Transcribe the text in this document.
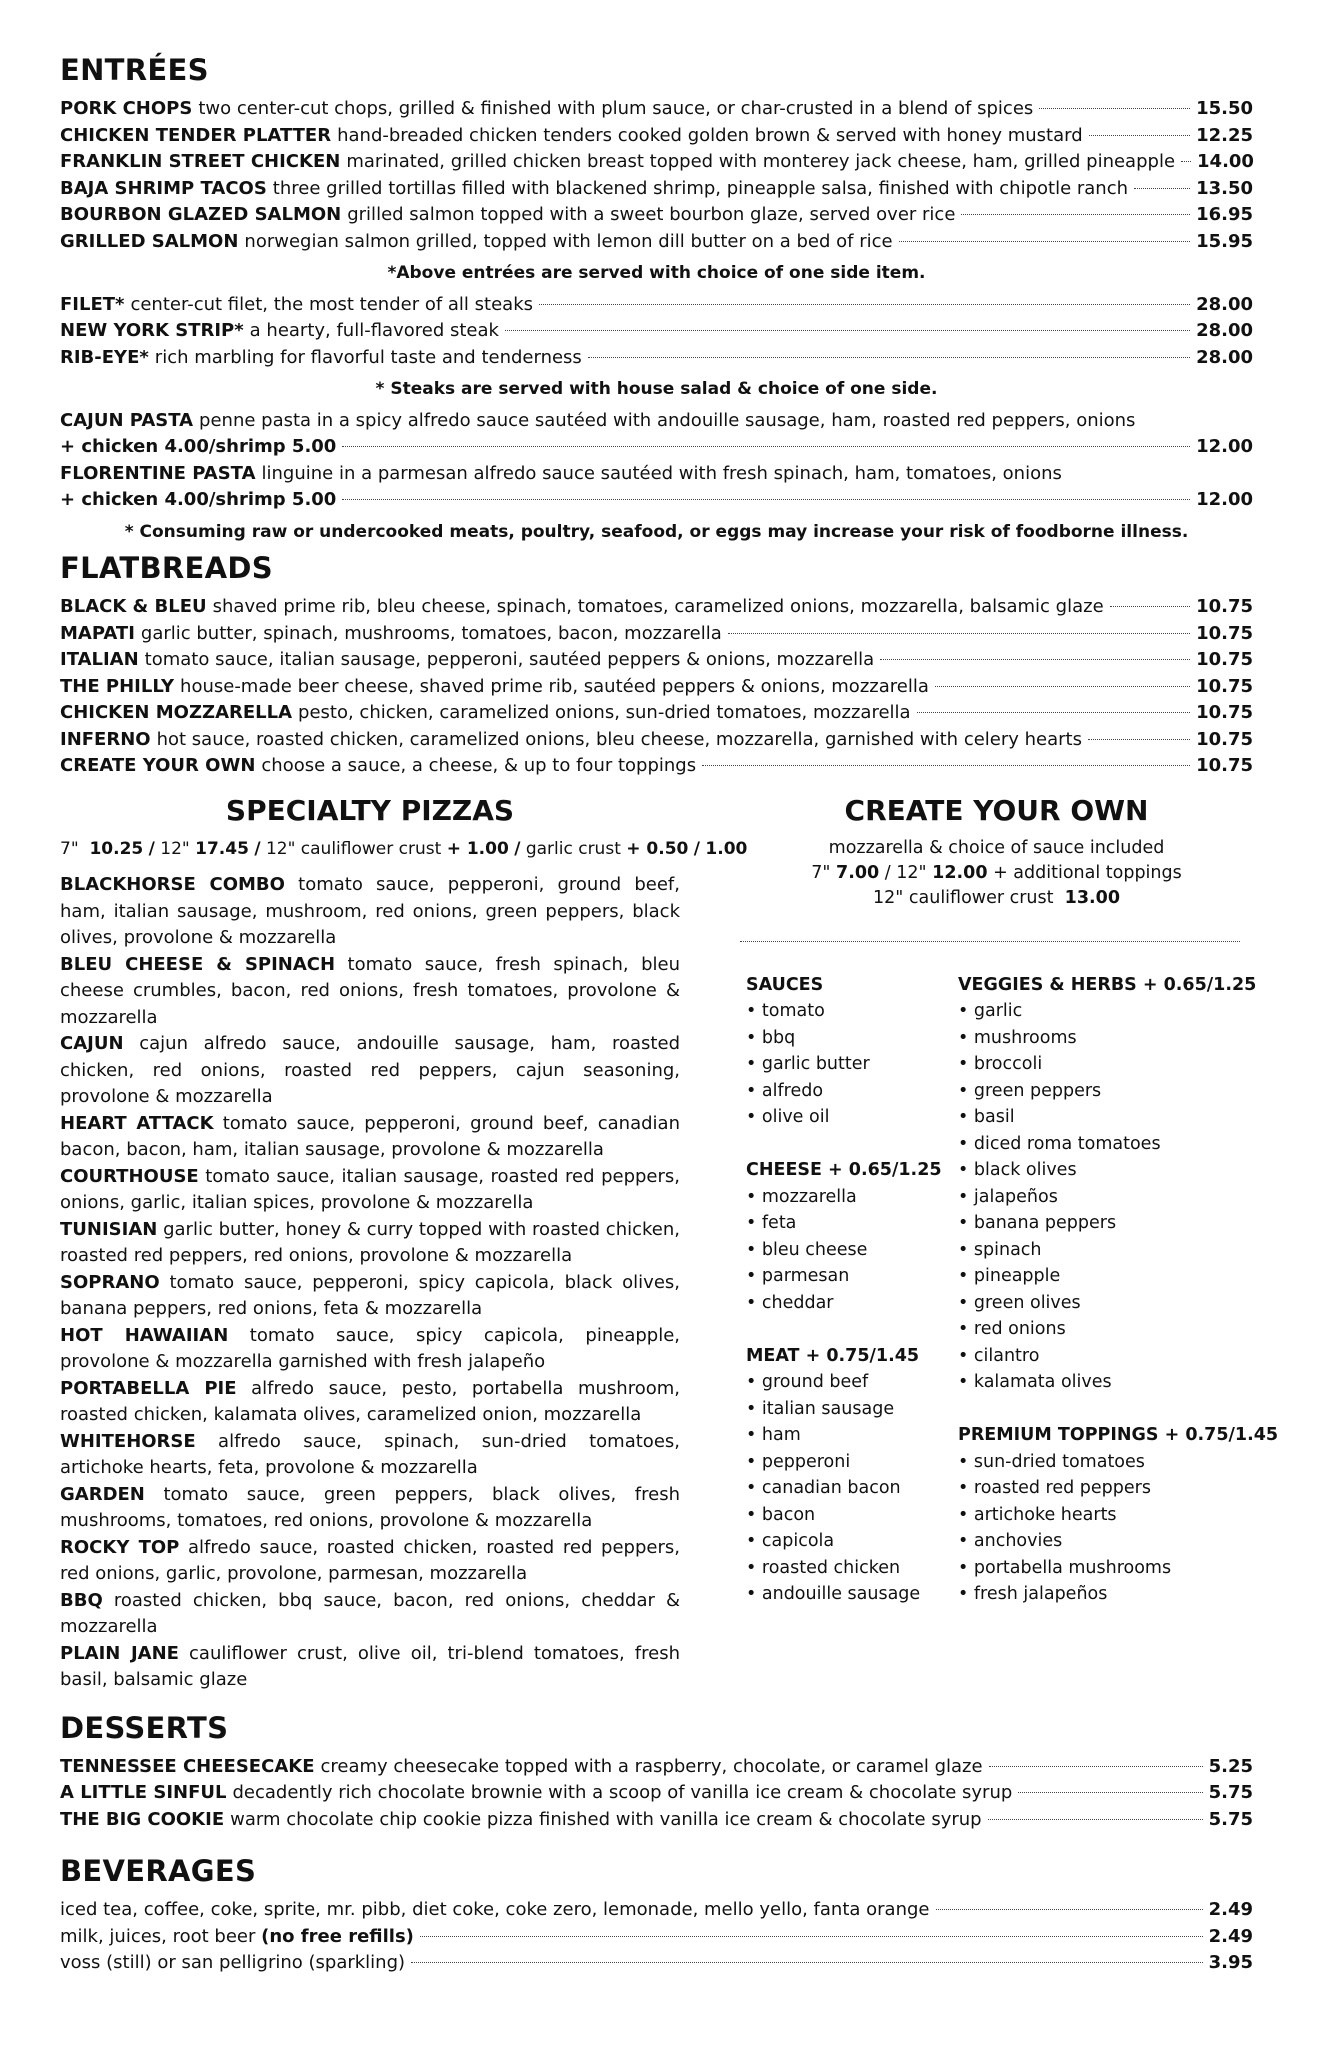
ENTRÉES
PORK CHOPS two center-cut chops, grilled & finished with plum sauce, or char-crusted in a blend of spices	15.50
CHICKEN TENDER PLATTER hand-breaded chicken tenders cooked golden brown & served with honey mustard	12.25
FRANKLIN STREET CHICKEN marinated, grilled chicken breast topped with monterey jack cheese, ham, grilled pineapple 14.00
BAJA SHRIMP TACOS three grilled tortillas filled with blackened shrimp, pineapple salsa, finished with chipotle ranch	13.50
BOURBON GLAZED SALMON grilled salmon topped with a sweet bourbon glaze, served over rice	16.95
GRILLED SALMON norwegian salmon grilled, topped with lemon dill butter on a bed of rice	15.95
*Above entrées are served with choice of one side item.
FILET* center-cut filet, the most tender of all steaks	28.00
NEW YORK STRIP* a hearty, full-flavored steak	28.00
RIB-EYE* rich marbling for flavorful taste and tenderness	28.00
* Steaks are served with house salad & choice of one side.
CAJUN PASTA penne pasta in a spicy alfredo sauce sautéed with andouille sausage, ham, roasted red peppers, onions
+ chicken 4.00/shrimp 5.00	12.00
FLORENTINE PASTA linguine in a parmesan alfredo sauce sautéed with fresh spinach, ham, tomatoes, onions
+ chicken 4.00/shrimp 5.00	12.00
* Consuming raw or undercooked meats, poultry, seafood, or eggs may increase your risk of foodborne illness.
FLATBREADS
BLACK & BLEU shaved prime rib, bleu cheese, spinach, tomatoes, caramelized onions, mozzarella, balsamic glaze	10.75
MAPATI garlic butter, spinach, mushrooms, tomatoes, bacon, mozzarella	10.75
ITALIAN tomato sauce, italian sausage, pepperoni, sautéed peppers & onions, mozzarella	10.75
THE PHILLY house-made beer cheese, shaved prime rib, sautéed peppers & onions, mozzarella	10.75
CHICKEN MOZZARELLA pesto, chicken, caramelized onions, sun-dried tomatoes, mozzarella	10.75
INFERNO hot sauce, roasted chicken, caramelized onions, bleu cheese, mozzarella, garnished with celery hearts	10.75
CREATE YOUR OWN choose a sauce, a cheese, & up to four toppings	10.75
SPECIALTY PIZZAS
7" 10.25 / 12" 17.45 / 12" cauliflower crust + 1.00 / garlic crust + 0.50 / 1.00
BLACKHORSE COMBO tomato sauce, pepperoni, ground beef, ham, italian sausage, mushroom, red onions, green peppers, black olives, provolone & mozzarella
BLEU CHEESE & SPINACH tomato sauce, fresh spinach, bleu cheese crumbles, bacon, red onions, fresh tomatoes, provolone & mozzarella
CAJUN cajun alfredo sauce, andouille sausage, ham, roasted chicken, red onions, roasted red peppers, cajun seasoning, provolone & mozzarella
HEART ATTACK tomato sauce, pepperoni, ground beef, canadian bacon, bacon, ham, italian sausage, provolone & mozzarella
COURTHOUSE tomato sauce, italian sausage, roasted red peppers, onions, garlic, italian spices, provolone & mozzarella
TUNISIAN garlic butter, honey & curry topped with roasted chicken, roasted red peppers, red onions, provolone & mozzarella
SOPRANO tomato sauce, pepperoni, spicy capicola, black olives, banana peppers, red onions, feta & mozzarella
HOT HAWAIIAN tomato sauce, spicy capicola, pineapple, provolone & mozzarella garnished with fresh jalapeño
PORTABELLA PIE alfredo sauce, pesto, portabella mushroom, roasted chicken, kalamata olives, caramelized onion, mozzarella
WHITEHORSE alfredo sauce, spinach, sun-dried tomatoes, artichoke hearts, feta, provolone & mozzarella
GARDEN tomato sauce, green peppers, black olives, fresh mushrooms, tomatoes, red onions, provolone & mozzarella
ROCKY TOP alfredo sauce, roasted chicken, roasted red peppers, red onions, garlic, provolone, parmesan, mozzarella
BBQ roasted chicken, bbq sauce, bacon, red onions, cheddar & mozzarella
PLAIN JANE cauliflower crust, olive oil, tri-blend tomatoes, fresh basil, balsamic glaze
CREATE YOUR OWN
mozzarella & choice of sauce included
7" 7.00 / 12" 12.00 + additional toppings
12" cauliflower crust 13.00
SAUCES
• tomato
• bbq
• garlic butter
• alfredo
• olive oil
CHEESE + 0.65/1.25
• mozzarella
• feta
• bleu cheese
• parmesan
• cheddar
MEAT + 0.75/1.45
• ground beef
• italian sausage
• ham
• pepperoni
• canadian bacon
• bacon
• capicola
• roasted chicken
• andouille sausage
VEGGIES & HERBS + 0.65/1.25
• garlic
• mushrooms
• broccoli
• green peppers
• basil
• diced roma tomatoes
• black olives
• jalapeños
• banana peppers
• spinach
• pineapple
• green olives
• red onions
• cilantro
• kalamata olives
PREMIUM TOPPINGS + 0.75/1.45
• sun-dried tomatoes
• roasted red peppers
• artichoke hearts
• anchovies
• portabella mushrooms
• fresh jalapeños
DESSERTS
TENNESSEE CHEESECAKE creamy cheesecake topped with a raspberry, chocolate, or caramel glaze	5.25
A LITTLE SINFUL decadently rich chocolate brownie with a scoop of vanilla ice cream & chocolate syrup	5.75
THE BIG COOKIE warm chocolate chip cookie pizza finished with vanilla ice cream & chocolate syrup	5.75
BEVERAGES
iced tea, coffee, coke, sprite, mr. pibb, diet coke, coke zero, lemonade, mello yello, fanta orange	2.49
milk, juices, root beer (no free refills)	2.49
voss (still) or san pelligrino (sparkling)	3.95
